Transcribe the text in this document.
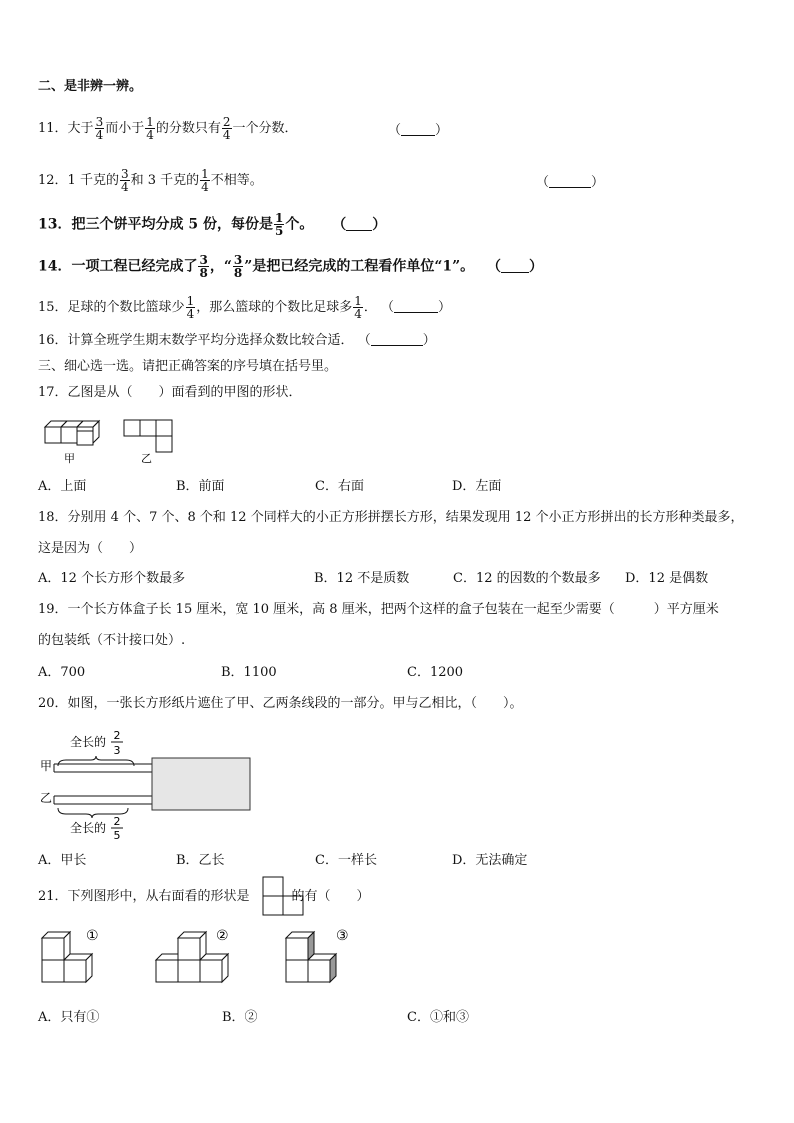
二、是非辨一辨。
11．大于 $\frac{3}{4}$ 而小于 $\frac{1}{4}$ 的分数只有 $\frac{2}{4}$ 一个分数．	（	）
12．1 千克的 $\frac{3}{4}$ 和 3 千克的 $\frac{1}{4}$ 不相等。	（	）
13．把三个饼平均分成 5 份，每份是 $\frac{1}{5}$ 个。 （ ）
14．一项工程已经完成了 $\frac{3}{8}$ ，“ $\frac{3}{8}$ ”是把已经完成的工程看作单位“1”。 （ ）
15．足球的个数比篮球少 $\frac{1}{4}$ ，那么篮球的个数比足球多 $\frac{1}{4}$ ． （	）
16．计算全班学生期末数学平均分选择众数比较合适． （	）
三、细心选一选。请把正确答案的序号填在括号里。
17．乙图是从（　　）面看到的甲图的形状．
甲	乙
A．上面	B．前面	C．右面	D．左面
18．分别用 4 个、7 个、8 个和 12 个同样大的小正方形拼摆长方形，结果发现用 12 个小正方形拼出的长方形种类最多，
这是因为（　　）
A．12 个长方形个数最多	B．12 不是质数	C．12 的因数的个数最多 D．12 是偶数
19．一个长方体盒子长 15 厘米，宽 10 厘米，高 8 厘米，把两个这样的盒子包装在一起至少需要（　　　）平方厘米
的包装纸（不计接口处）.
A．700	B．1100	C．1200
20．如图，一张长方形纸片遮住了甲、乙两条线段的一部分。甲与乙相比，（　　）。
全长的 2
3
甲
乙
全长的 2
5
A．甲长	B．乙长	C．一样长	D．无法确定
21．下列图形中，从右面看的形状是	的有（　　）
①	②	③
A．只有①	B．②	C．①和③
